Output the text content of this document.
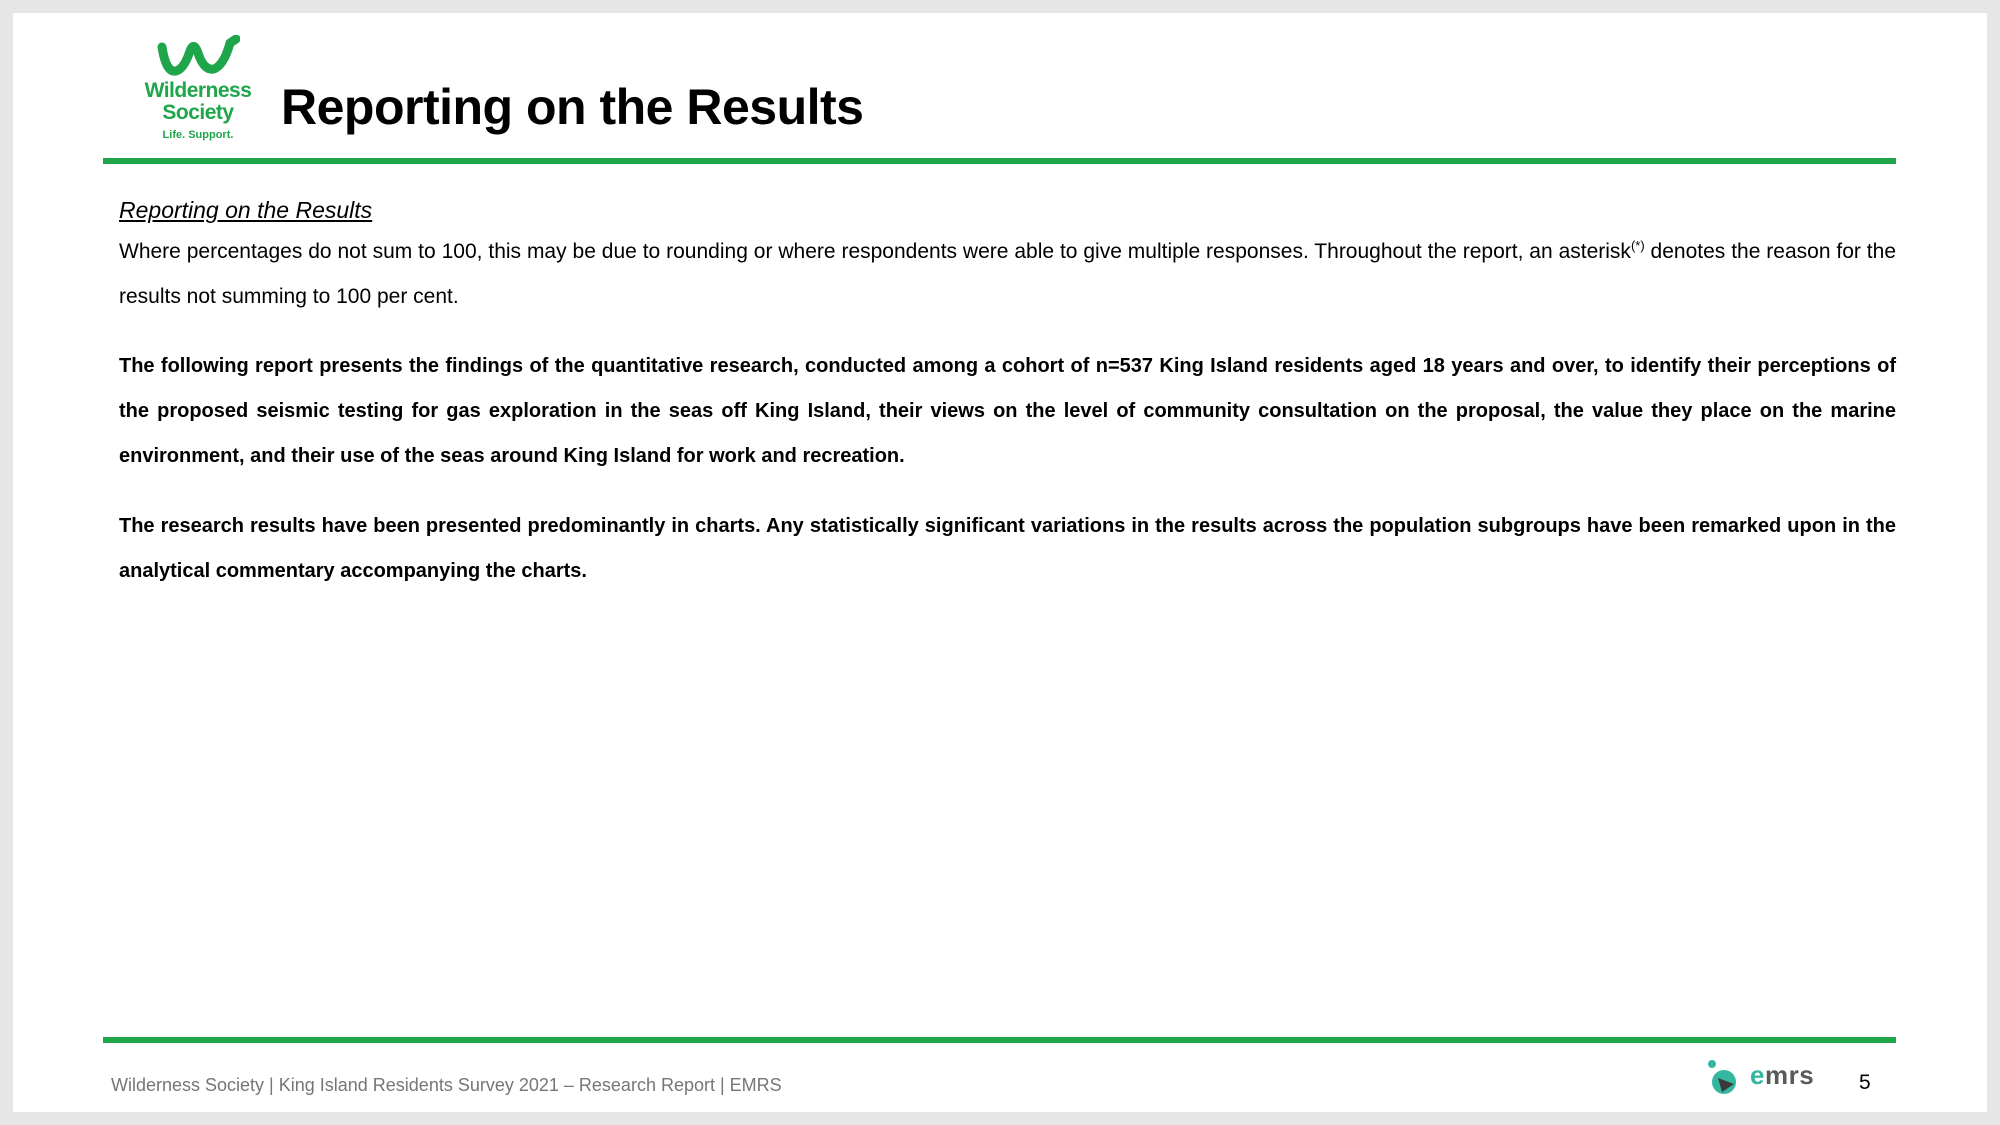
Wilderness
Society
Life. Support. Reporting on the Results
Reporting on the Results

Where percentages do not sum to 100, this may be due to rounding or where respondents were able to give multiple responses. Throughout the report, an asterisk(*) denotes the reason for the results not summing to 100 per cent.

The following report presents the findings of the quantitative research, conducted among a cohort of n=537 King Island residents aged 18 years and over, to identify their perceptions of the proposed seismic testing for gas exploration in the seas off King Island, their views on the level of community consultation on the proposal, the value they place on the marine environment, and their use of the seas around King Island for work and recreation.

The research results have been presented predominantly in charts. Any statistically significant variations in the results across the population subgroups have been remarked upon in the analytical commentary accompanying the charts.

Wilderness Society | King Island Residents Survey 2021 – Research Report | EMRS	emrs 5
